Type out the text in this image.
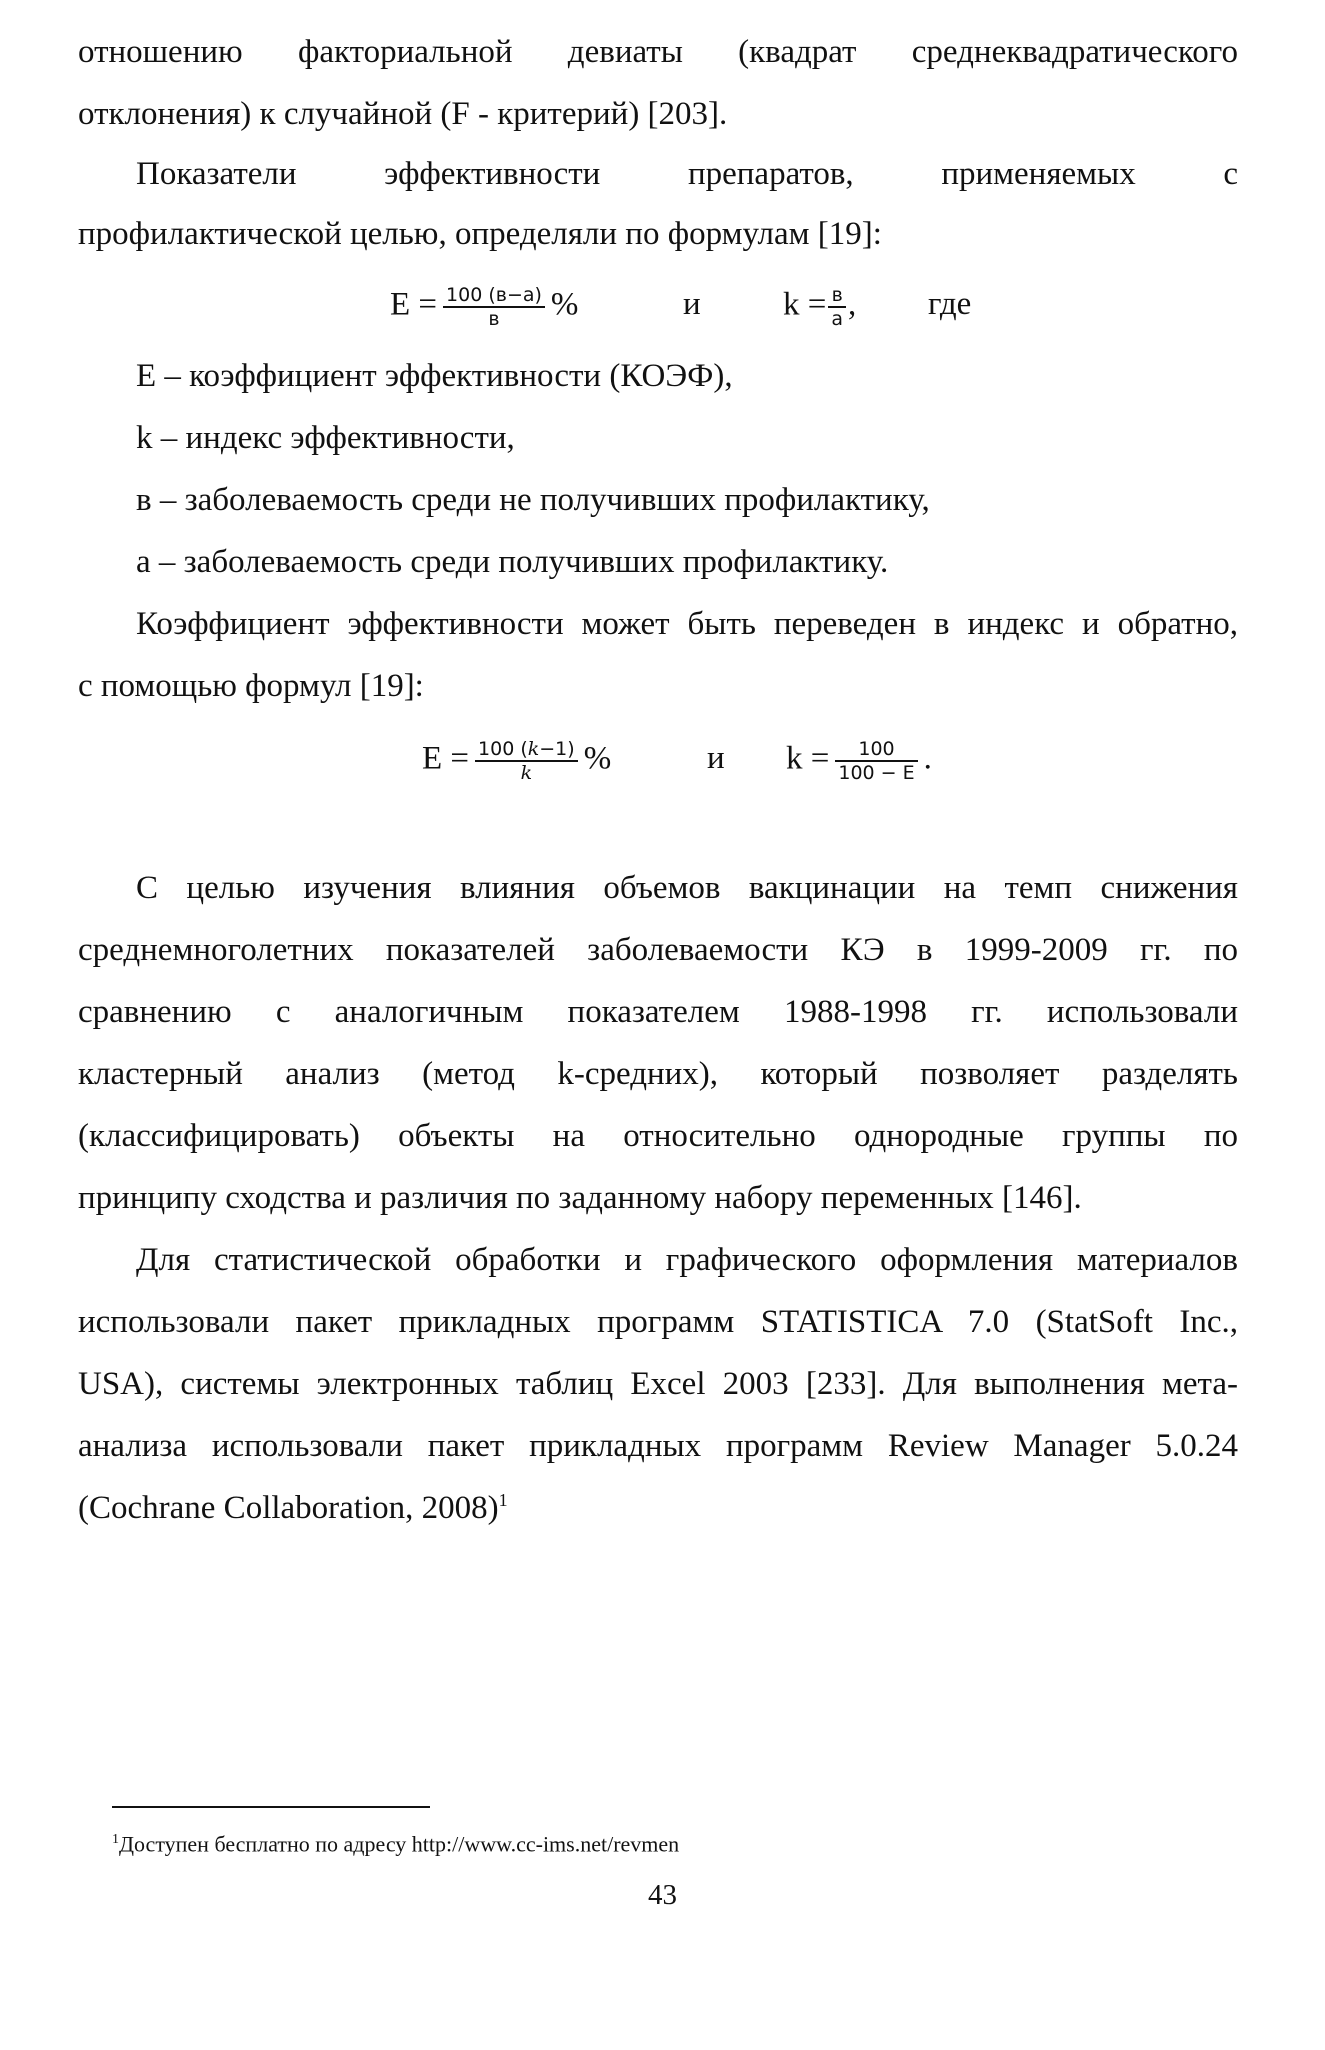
отношению факториальной девиаты (квадрат среднеквадратического
отклонения) к случайной (F - критерий) [203].
Показатели эффективности препаратов, применяемых с
профилактической целью, определяли по формулам [19]:
$Е = \frac{100 (в-а)}{в}$ %	и $k = \frac{в}{а}$ , где
Е – коэффициент эффективности (КОЭФ),
k – индекс эффективности,
в – заболеваемость среди не получивших профилактику,
а – заболеваемость среди получивших профилактику.
Коэффициент эффективности может быть переведен в индекс и обратно,
с помощью формул [19]:
$Е = \frac{100 (k-1)}{k}$ %	и $k = \frac{100}{100 - Е}$ .
С целью изучения влияния объемов вакцинации на темп снижения
среднемноголетних показателей заболеваемости КЭ в 1999-2009 гг. по
сравнению с аналогичным показателем 1988-1998 гг. использовали
кластерный анализ (метод k-средних), который позволяет разделять
(классифицировать) объекты на относительно однородные группы по
принципу сходства и различия по заданному набору переменных [146].
Для статистической обработки и графического оформления материалов
использовали пакет прикладных программ STATISTICA 7.0 (StatSoft Inc.,
USA), системы электронных таблиц Excel 2003 [233]. Для выполнения мета-
анализа использовали пакет прикладных программ Review Manager 5.0.24
(Cochrane Collaboration, 2008)$^1$
$^1$Доступен бесплатно по адресу http://www.cc-ims.net/revmen
43
